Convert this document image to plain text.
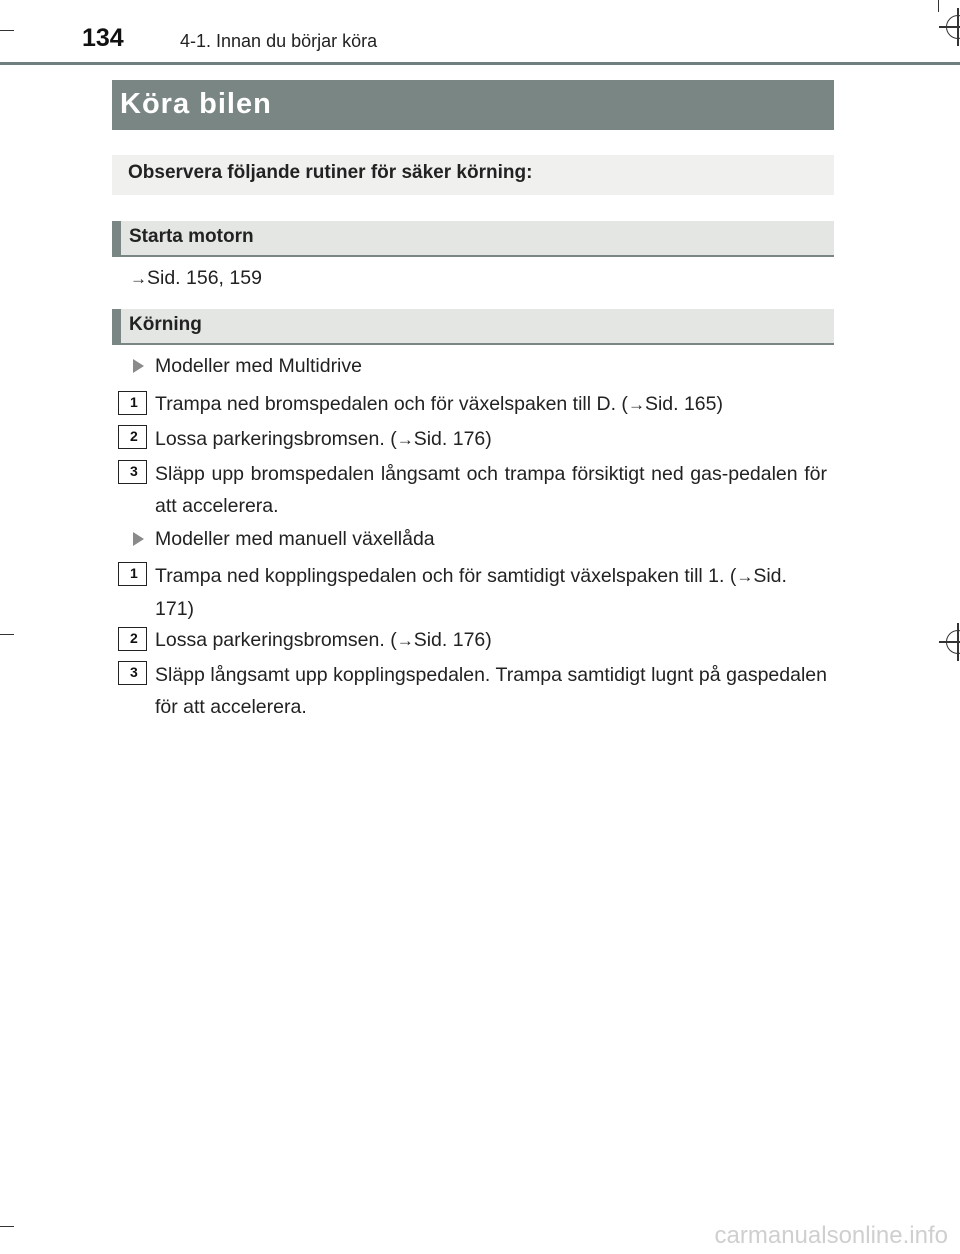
134	4-1. Innan du börjar köra
Köra bilen
Observera följande rutiner för säker körning:
Starta motorn
→Sid. 156, 159
Körning
Modeller med Multidrive
1 Trampa ned bromspedalen och för växelspaken till D. (→Sid. 165)
2 Lossa parkeringsbromsen. (→Sid. 176)
3 Släpp upp bromspedalen långsamt och trampa försiktigt ned gas-pedalen för att accelerera.
Modeller med manuell växellåda
1 Trampa ned kopplingspedalen och för samtidigt växelspaken till 1. (→Sid. 171)
2 Lossa parkeringsbromsen. (→Sid. 176)
3 Släpp långsamt upp kopplingspedalen. Trampa samtidigt lugnt på gaspedalen för att accelerera.
carmanualsonline.info
